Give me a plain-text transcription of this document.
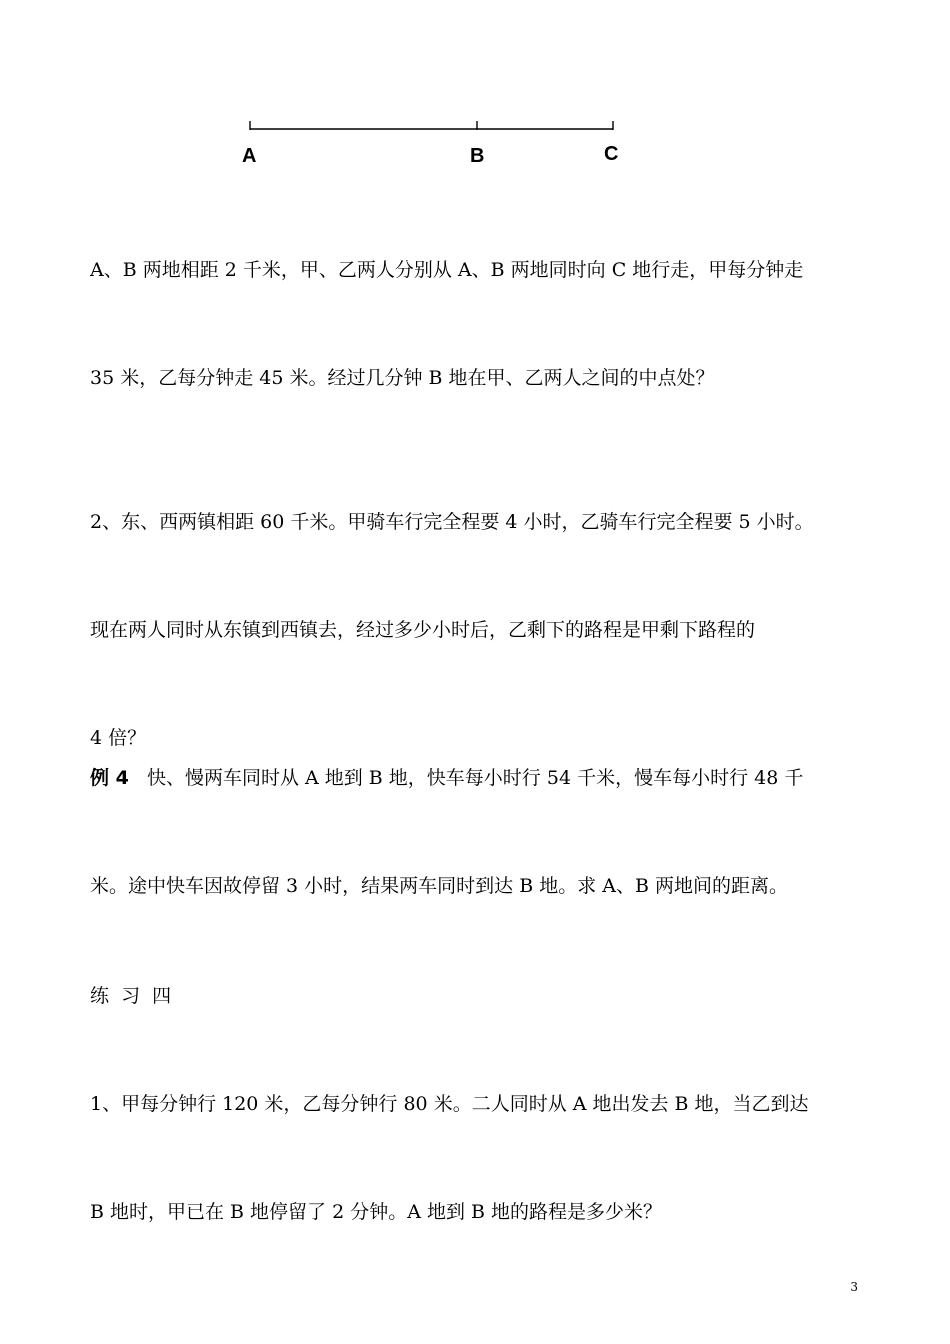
A	B	C

A、B 两地相距 2 千米，甲、乙两人分别从 A、B 两地同时向 C 地行走，甲每分钟走

35 米，乙每分钟走 45 米。经过几分钟 B 地在甲、乙两人之间的中点处？

2、东、西两镇相距 60 千米。甲骑车行完全程要 4 小时，乙骑车行完全程要 5 小时。

现在两人同时从东镇到西镇去，经过多少小时后，乙剩下的路程是甲剩下路程的

4 倍？

例 4 快、慢两车同时从 A 地到 B 地，快车每小时行 54 千米，慢车每小时行 48 千

米。途中快车因故停留 3 小时，结果两车同时到达 B 地。求 A、B 两地间的距离。

练  习  四

1、甲每分钟行 120 米，乙每分钟行 80 米。二人同时从 A 地出发去 B 地，当乙到达

B 地时，甲已在 B 地停留了 2 分钟。A 地到 B 地的路程是多少米？

3
